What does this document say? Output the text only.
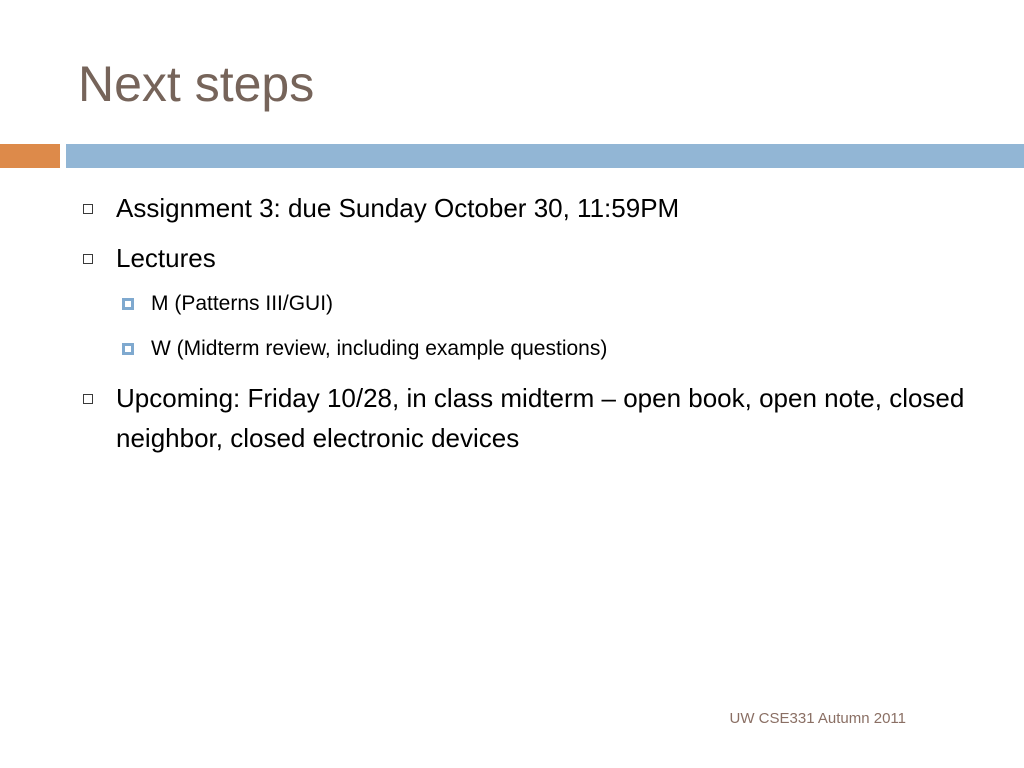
Next steps
Assignment 3: due Sunday October 30, 11:59PM
Lectures
M (Patterns III/GUI)
W (Midterm review, including example questions)
Upcoming: Friday 10/28, in class midterm – open book, open note, closed neighbor, closed electronic devices
UW CSE331 Autumn 2011
